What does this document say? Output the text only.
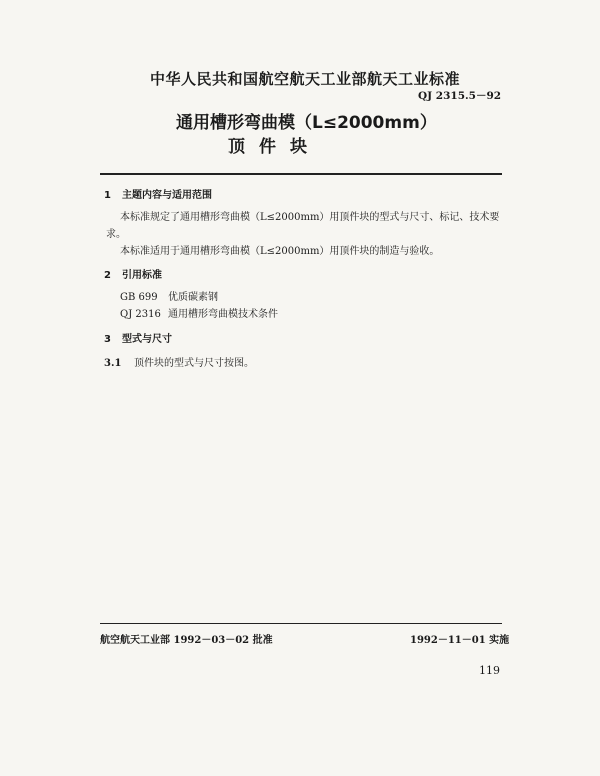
中华人民共和国航空航天工业部航天工业标准
QJ 2315.5－92
通用槽形弯曲模（L≤2000mm）
顶件块
1 主题内容与适用范围
本标准规定了通用槽形弯曲模（L≤2000mm）用顶件块的型式与尺寸、标记、技术要
求。
本标准适用于通用槽形弯曲模（L≤2000mm）用顶件块的制造与验收。
2 引用标准
GB 699 优质碳素钢
QJ 2316 通用槽形弯曲模技术条件
3 型式与尺寸
3.1 顶件块的型式与尺寸按图。
航空航天工业部 1992－03－02 批准	1992－11－01 实施
119
